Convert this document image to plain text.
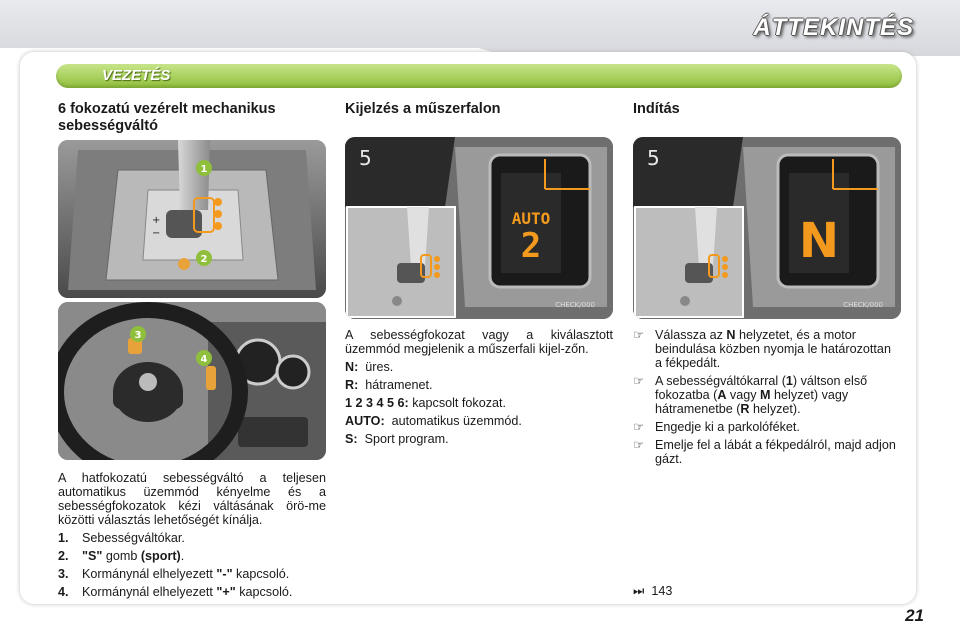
ÁTTEKINTÉS
VEZETÉS
6 fokozatú vezérelt mechanikus sebességváltó
+
−
1
2
3
4

A hatfokozatú sebességváltó a teljesen automatikus üzemmód kényelme és a sebességfokozatok kézi váltásának örö-me közötti választás lehetőségét kínálja.

1. Sebességváltókar.
2. "S" gomb (sport).
3. Kormánynál elhelyezett "-" kapcsoló.
4. Kormánynál elhelyezett "+" kapcsoló.
Kijelzés a műszerfalon
5
AUTO
2
CHECK/000

A sebességfokozat vagy a kiválasztott üzemmód megjelenik a műszerfali kijel-zőn.

N: üres.
R: hátramenet.
1 2 3 4 5 6: kapcsolt fokozat.
AUTO: automatikus üzemmód.
S: Sport program.
Indítás
5
N
CHECK/000
☞ Válassza az N helyzetet, és a motor beindulása közben nyomja le határozottan a fékpedált.
☞ A sebességváltókarral (1) váltson első fokozatba (A vagy M helyzet) vagy hátramenetbe (R helyzet).
☞ Engedje ki a parkolóféket.
☞ Emelje fel a lábát a fékpedálról, majd adjon gázt.
⏭ 143
21
